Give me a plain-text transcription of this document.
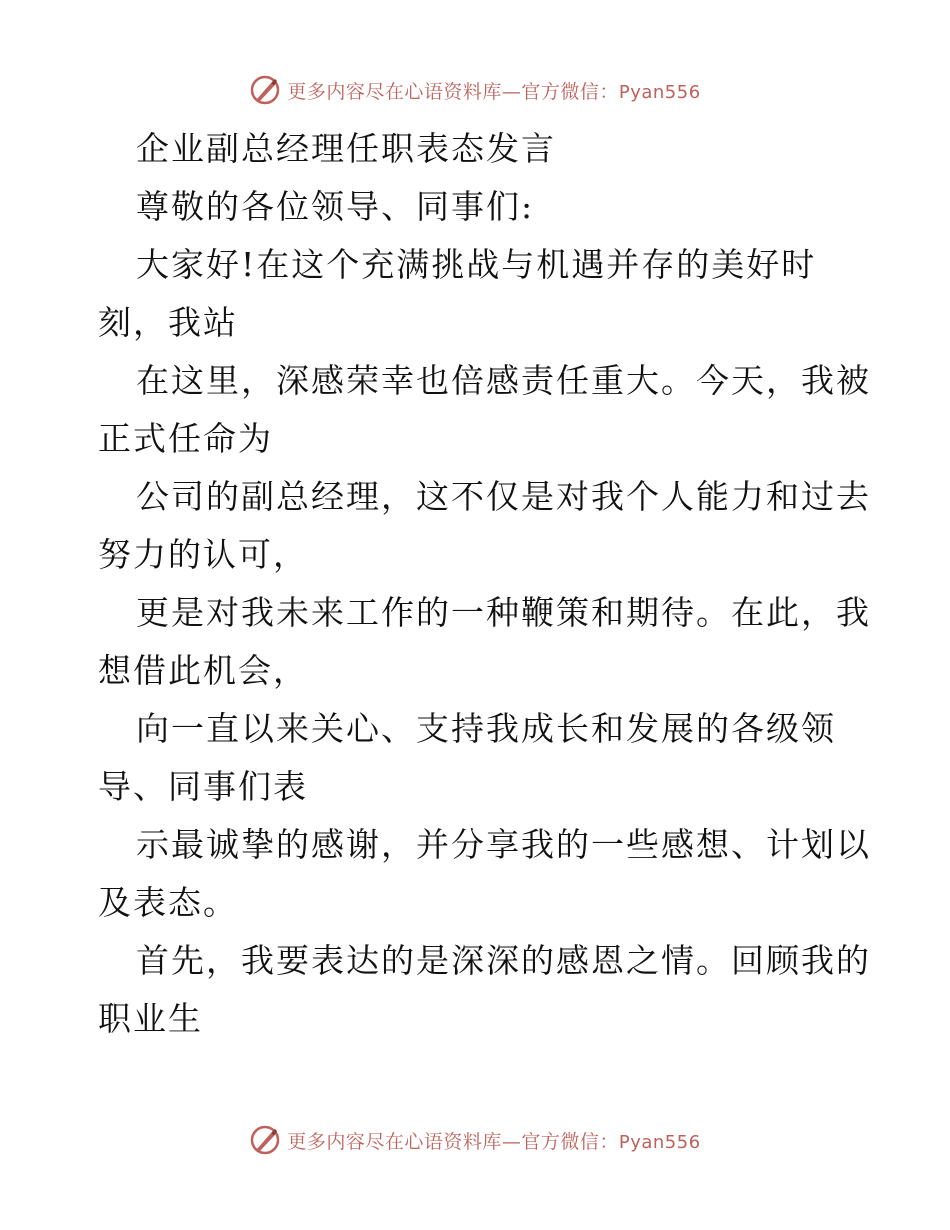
更多内容尽在心语资料库—官方微信：Pyan556
企业副总经理任职表态发言
尊敬的各位领导、同事们:
大家好!在这个充满挑战与机遇并存的美好时
刻，我站
在这里，深感荣幸也倍感责任重大。今天，我被
正式任命为
公司的副总经理，这不仅是对我个人能力和过去
努力的认可，
更是对我未来工作的一种鞭策和期待。在此，我
想借此机会，
向一直以来关心、支持我成长和发展的各级领
导、同事们表
示最诚挚的感谢，并分享我的一些感想、计划以
及表态。
首先，我要表达的是深深的感恩之情。回顾我的
职业生
更多内容尽在心语资料库—官方微信：Pyan556
